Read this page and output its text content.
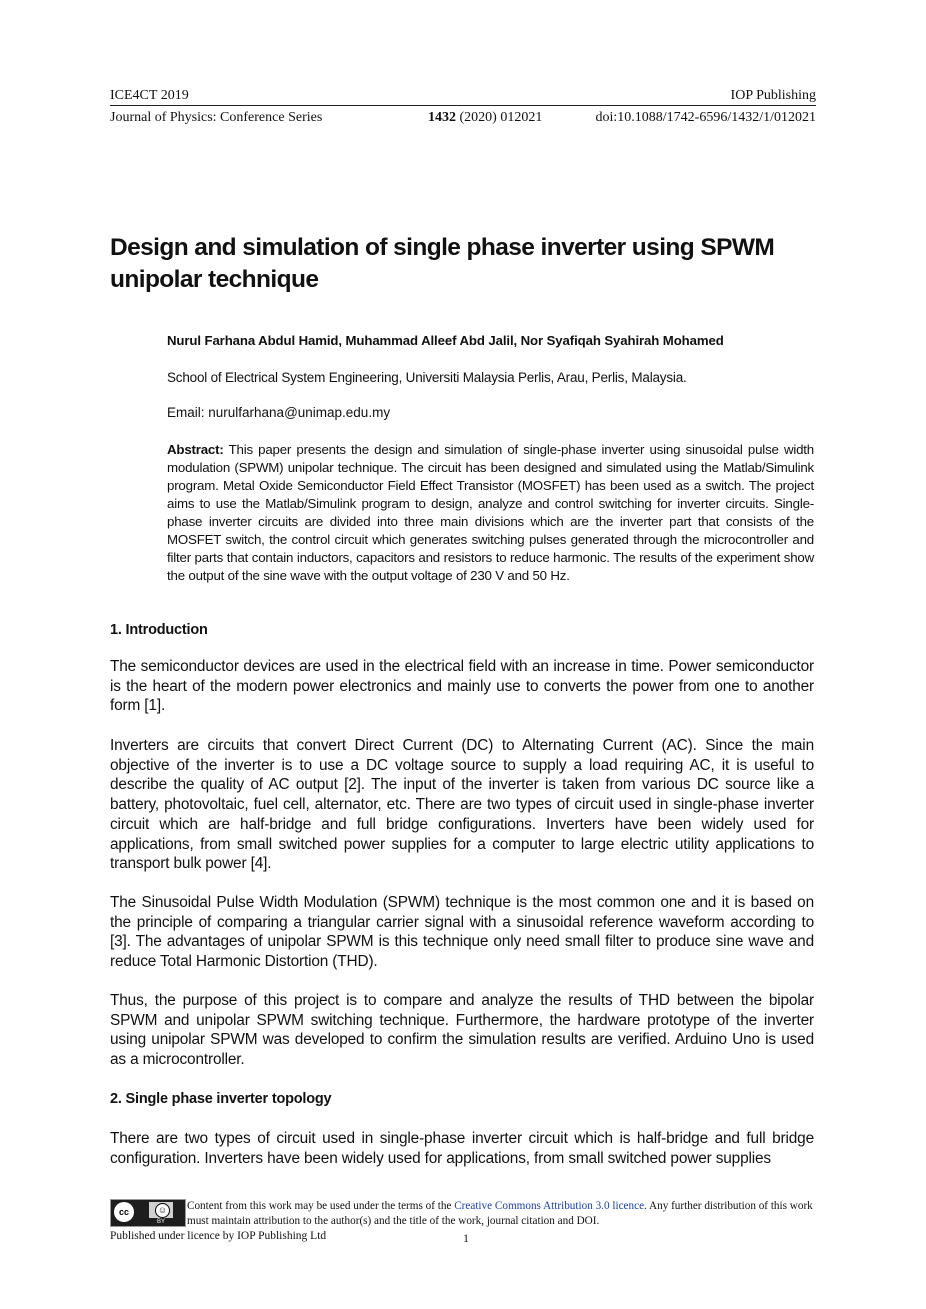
ICE4CT 2019	IOP Publishing
Journal of Physics: Conference Series	1432 (2020) 012021	doi:10.1088/1742-6596/1432/1/012021
Design and simulation of single phase inverter using SPWM unipolar technique
Nurul Farhana Abdul Hamid, Muhammad Alleef Abd Jalil, Nor Syafiqah Syahirah Mohamed
School of Electrical System Engineering, Universiti Malaysia Perlis, Arau, Perlis, Malaysia.
Email: nurulfarhana@unimap.edu.my
Abstract: This paper presents the design and simulation of single-phase inverter using sinusoidal pulse width modulation (SPWM) unipolar technique. The circuit has been designed and simulated using the Matlab/Simulink program. Metal Oxide Semiconductor Field Effect Transistor (MOSFET) has been used as a switch. The project aims to use the Matlab/Simulink program to design, analyze and control switching for inverter circuits. Single-phase inverter circuits are divided into three main divisions which are the inverter part that consists of the MOSFET switch, the control circuit which generates switching pulses generated through the microcontroller and filter parts that contain inductors, capacitors and resistors to reduce harmonic. The results of the experiment show the output of the sine wave with the output voltage of 230 V and 50 Hz.
1. Introduction
The semiconductor devices are used in the electrical field with an increase in time. Power semiconductor is the heart of the modern power electronics and mainly use to converts the power from one to another form [1].
Inverters are circuits that convert Direct Current (DC) to Alternating Current (AC). Since the main objective of the inverter is to use a DC voltage source to supply a load requiring AC, it is useful to describe the quality of AC output [2]. The input of the inverter is taken from various DC source like a battery, photovoltaic, fuel cell, alternator, etc. There are two types of circuit used in single-phase inverter circuit which are half-bridge and full bridge configurations. Inverters have been widely used for applications, from small switched power supplies for a computer to large electric utility applications to transport bulk power [4].
The Sinusoidal Pulse Width Modulation (SPWM) technique is the most common one and it is based on the principle of comparing a triangular carrier signal with a sinusoidal reference waveform according to [3]. The advantages of unipolar SPWM is this technique only need small filter to produce sine wave and reduce Total Harmonic Distortion (THD).
Thus, the purpose of this project is to compare and analyze the results of THD between the bipolar SPWM and unipolar SPWM switching technique. Furthermore, the hardware prototype of the inverter using unipolar SPWM was developed to confirm the simulation results are verified. Arduino Uno is used as a microcontroller.
2. Single phase inverter topology
There are two types of circuit used in single-phase inverter circuit which is half-bridge and full bridge configuration. Inverters have been widely used for applications, from small switched power supplies
cc	☺
BY
Content from this work may be used under the terms of the Creative Commons Attribution 3.0 licence. Any further distribution of this work must maintain attribution to the author(s) and the title of the work, journal citation and DOI.
Published under licence by IOP Publishing Ltd	1
